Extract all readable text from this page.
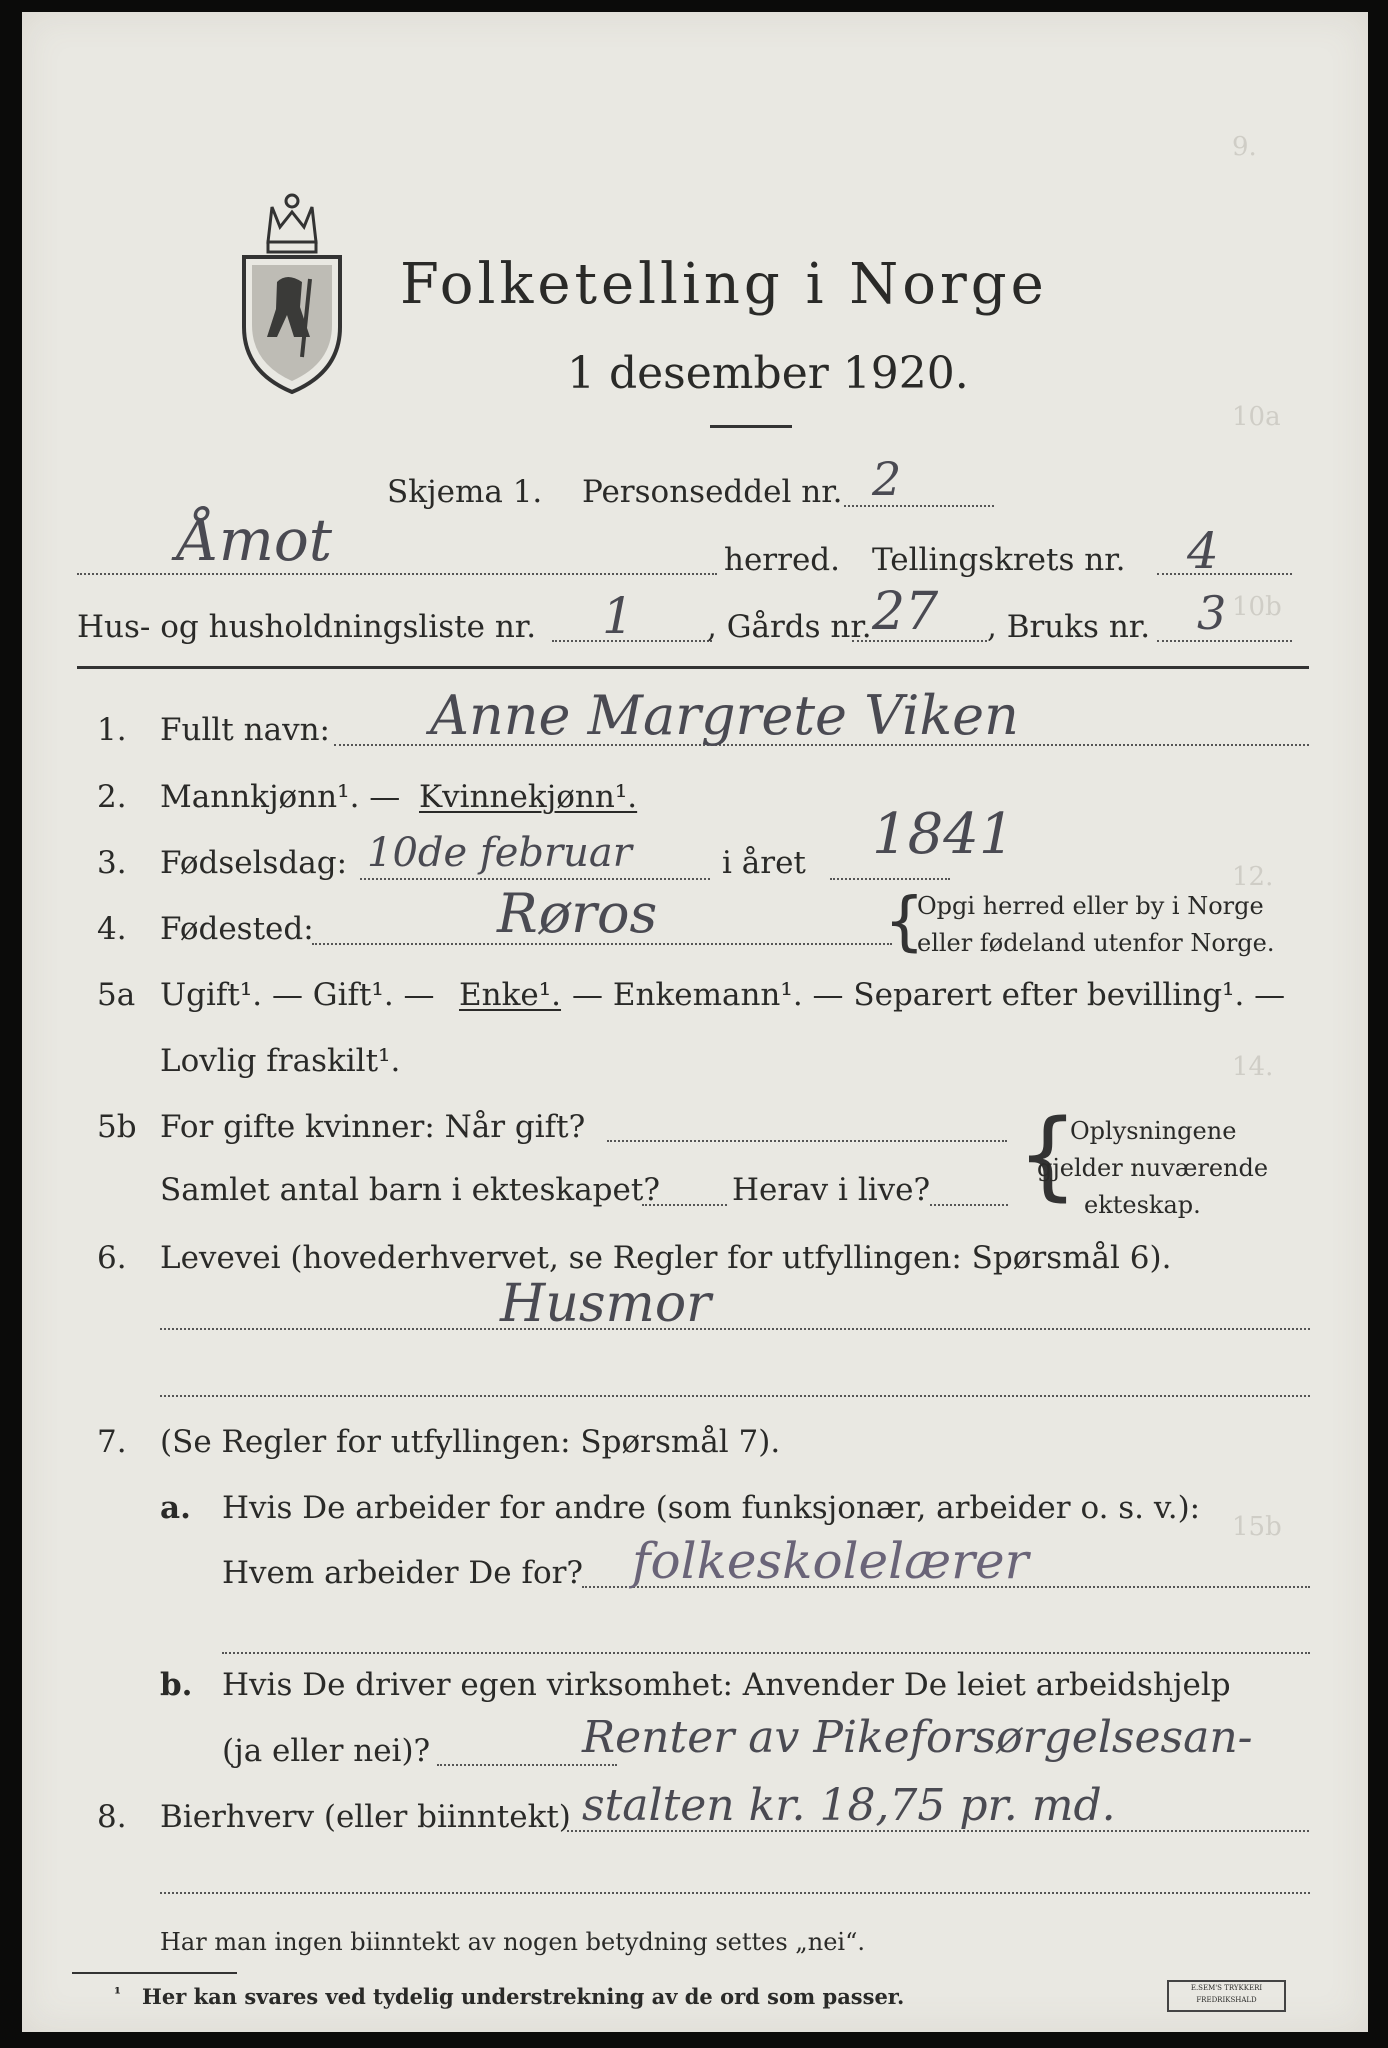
9.
10a
10b
12.
14.
15b
Folketelling i Norge
1 desember 1920.
Skjema 1. Personseddel nr. 2
Åmot	herred. Tellingskrets nr. 4
Hus- og husholdningsliste nr. 1 , Gårds nr. 27 , Bruks nr. 3
1. Fullt navn: Anne Margrete Viken
2. Mannkjønn¹. — Kvinnekjønn¹.
3. Fødselsdag: 10de februar	i året 1841
4. Fødested:	Røros	{
Opgi herred eller by i Norge
eller fødeland utenfor Norge.
5a Ugift¹. — Gift¹. — Enke¹. — Enkemann¹. — Separert efter bevilling¹. —
Lovlig fraskilt¹.
5b For gifte kvinner: Når gift?
Samlet antal barn i ekteskapet? Herav i live? {
Oplysningene
gjelder nuværende
ekteskap.
6. Levevei (hovederhvervet, se Regler for utfyllingen: Spørsmål 6).
Husmor
7. (Se Regler for utfyllingen: Spørsmål 7).
a. Hvis De arbeider for andre (som funksjonær, arbeider o. s. v.):
Hvem arbeider De for? folkeskolelærer
b. Hvis De driver egen virksomhet: Anvender De leiet arbeidshjelp
(ja eller nei)?	Renter av Pikeforsørgelsesan-
8. Bierhverv (eller biinntekt) stalten kr. 18,75 pr. md.
Har man ingen biinntekt av nogen betydning settes „nei“.
¹ Her kan svares ved tydelig understrekning av de ord som passer.	E.SEM'S TRYKKERI FREDRIKSHALD
